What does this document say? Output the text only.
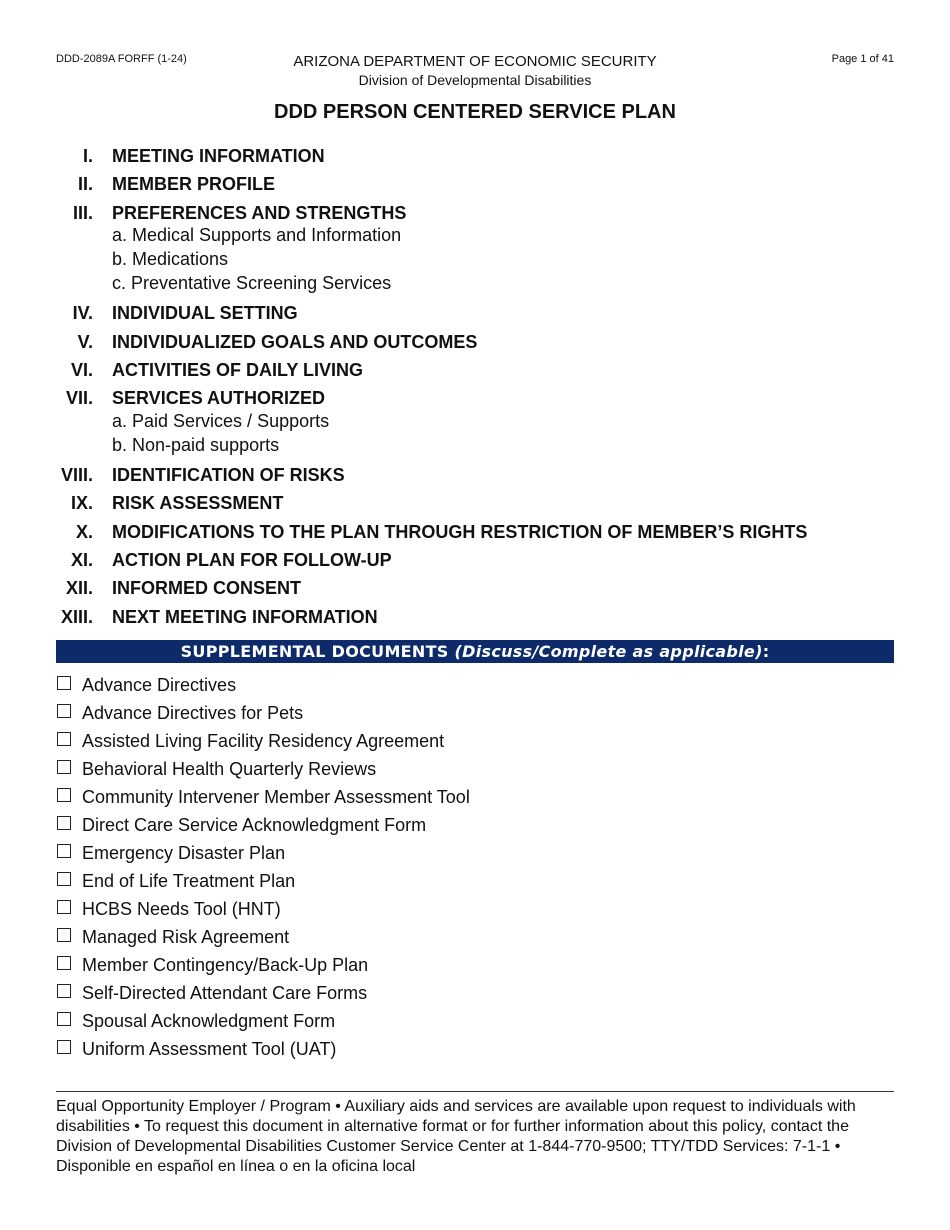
DDD-2089A FORFF (1-24)	ARIZONA DEPARTMENT OF ECONOMIC SECURITY
Division of Developmental Disabilities
Page 1 of 41
DDD PERSON CENTERED SERVICE PLAN
I. MEETING INFORMATION
II. MEMBER PROFILE
III. PREFERENCES AND STRENGTHS
a. Medical Supports and Information
b. Medications
c. Preventative Screening Services
IV. INDIVIDUAL SETTING
V. INDIVIDUALIZED GOALS AND OUTCOMES
VI. ACTIVITIES OF DAILY LIVING
VII. SERVICES AUTHORIZED
a. Paid Services / Supports
b. Non-paid supports
VIII. IDENTIFICATION OF RISKS
IX. RISK ASSESSMENT
X. MODIFICATIONS TO THE PLAN THROUGH RESTRICTION OF MEMBER’S RIGHTS
XI. ACTION PLAN FOR FOLLOW-UP
XII. INFORMED CONSENT
XIII. NEXT MEETING INFORMATION
SUPPLEMENTAL DOCUMENTS (Discuss/Complete as applicable):
Advance Directives
Advance Directives for Pets
Assisted Living Facility Residency Agreement
Behavioral Health Quarterly Reviews
Community Intervener Member Assessment Tool
Direct Care Service Acknowledgment Form
Emergency Disaster Plan
End of Life Treatment Plan
HCBS Needs Tool (HNT)
Managed Risk Agreement
Member Contingency/Back-Up Plan
Self-Directed Attendant Care Forms
Spousal Acknowledgment Form
Uniform Assessment Tool (UAT)
Equal Opportunity Employer / Program • Auxiliary aids and services are available upon request to individuals with disabilities • To request this document in alternative format or for further information about this policy, contact the Division of Developmental Disabilities Customer Service Center at 1-844-770-9500; TTY/TDD Services: 7-1-1 • Disponible en español en línea o en la oficina local
